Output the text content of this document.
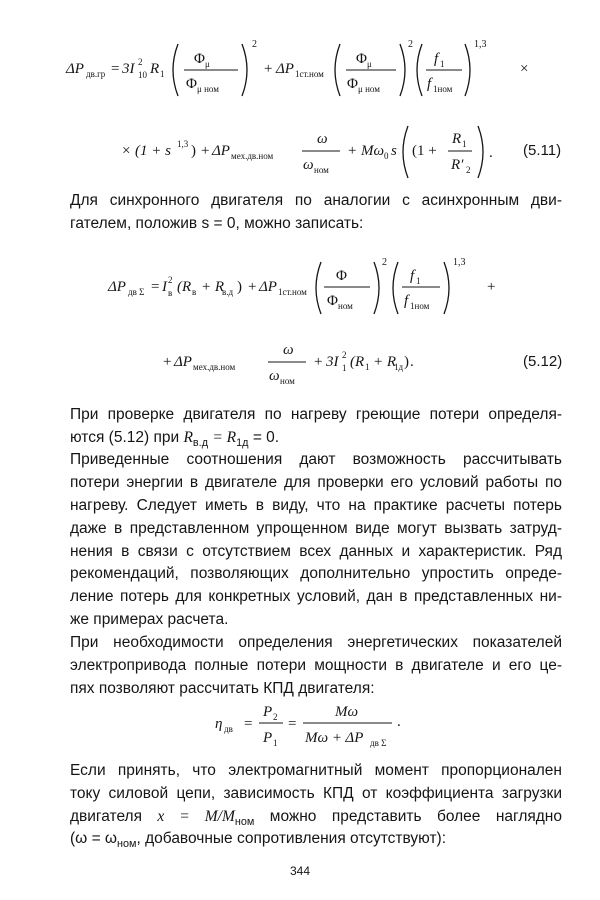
ΔP дв.гр = 3I 2
10 R 1
Φ μ
Φ μ ном
2
+ ΔP 1ст.ном
Φ μ
Φ μ ном
2
f 1
f 1ном
1,3
×
× (1 + s 1,3 ) + ΔP мех.дв.ном
ω
ω ном
+ Mω 0 s (1 +
R 1
R′ 2
. (5.11)

Для синхронного двигателя по аналогии с асинхронным дви-

гателем, положив s = 0, можно записать:

ΔP дв Σ = I 2
в (R в + R
в.д ) + ΔP 1ст.ном
Φ
Φ ном
2
f 1
f 1ном
1,3
+
+ ΔP мех.дв.ном
ω
ω ном
+ 3I 2
1 (R 1 + R
1д ) .	(5.12)

При проверке двигателя по нагреву греющие потери определя-

ются (5.12) при $R_{в.д} = R_{1д} = 0$.

Приведенные соотношения дают возможность рассчитывать

потери энергии в двигателе для проверки его условий работы по

нагреву. Следует иметь в виду, что на практике расчеты потерь

даже в представленном упрощенном виде могут вызвать затруд-

нения в связи с отсутствием всех данных и характеристик. Ряд

рекомендаций, позволяющих дополнительно упростить опреде-

ление потерь для конкретных условий, дан в представленных ни-

же примерах расчета.

При необходимости определения энергетических показателей

электропривода полные потери мощности в двигателе и его це-

пях позволяют рассчитать КПД двигателя:

η дв =
P 2
P 1
=
Mω
Mω + ΔP дв Σ
.

Если принять, что электромагнитный момент пропорционален

току силовой цепи, зависимость КПД от коэффициента загрузки

двигателя $x = M/M_{ном}$ можно представить более наглядно

($\omega = \omega_{ном}$, добавочные сопротивления отсутствуют):

344
